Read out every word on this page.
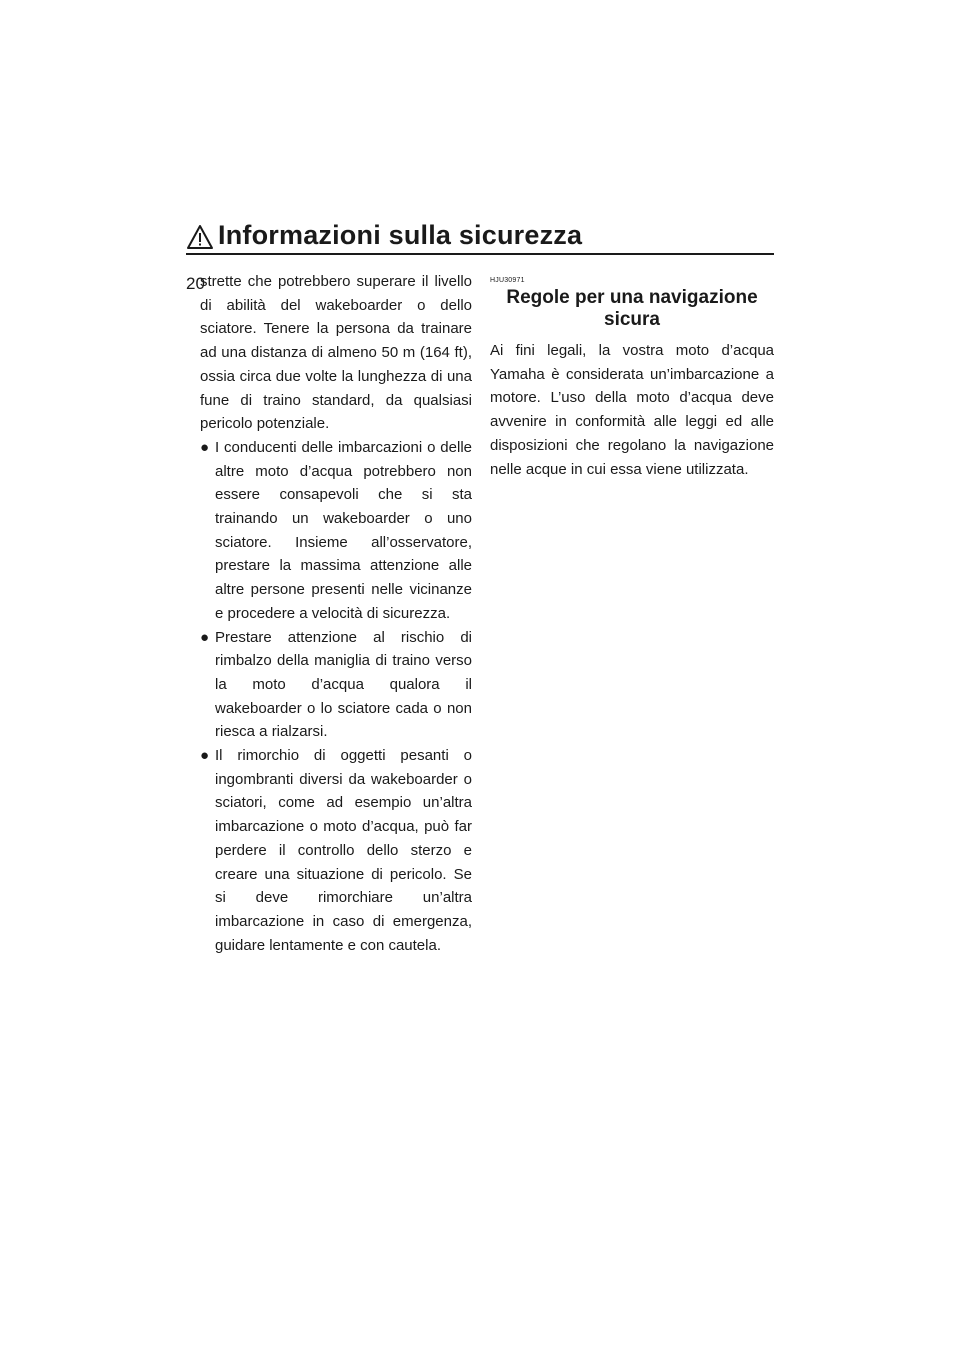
Informazioni sulla sicurezza
20

strette che potrebbero superare il livello di abilità del wakeboarder o dello sciatore. Tenere la persona da trainare ad una distanza di almeno 50 m (164 ft), ossia circa due volte la lunghezza di una fune di traino standard, da qualsiasi pericolo potenziale.

● I conducenti delle imbarcazioni o delle altre moto d’acqua potrebbero non essere consapevoli che si sta trainando un wakeboarder o uno sciatore. Insieme all’osservatore, prestare la massima attenzione alle altre persone presenti nelle vicinanze e procedere a velocità di sicurezza.
● Prestare attenzione al rischio di rimbalzo della maniglia di traino verso la moto d’acqua qualora il wakeboarder o lo sciatore cada o non riesca a rialzarsi.
● Il rimorchio di oggetti pesanti o ingombranti diversi da wakeboarder o sciatori, come ad esempio un’altra imbarcazione o moto d’acqua, può far perdere il controllo dello sterzo e creare una situazione di pericolo. Se si deve rimorchiare un’altra imbarcazione in caso di emergenza, guidare lentamente e con cautela.
HJU30971
Regole per una navigazione
sicura

Ai fini legali, la vostra moto d’acqua Yamaha è considerata un’imbarcazione a motore. L’uso della moto d’acqua deve avvenire in conformità alle leggi ed alle disposizioni che regolano la navigazione nelle acque in cui essa viene utilizzata.
